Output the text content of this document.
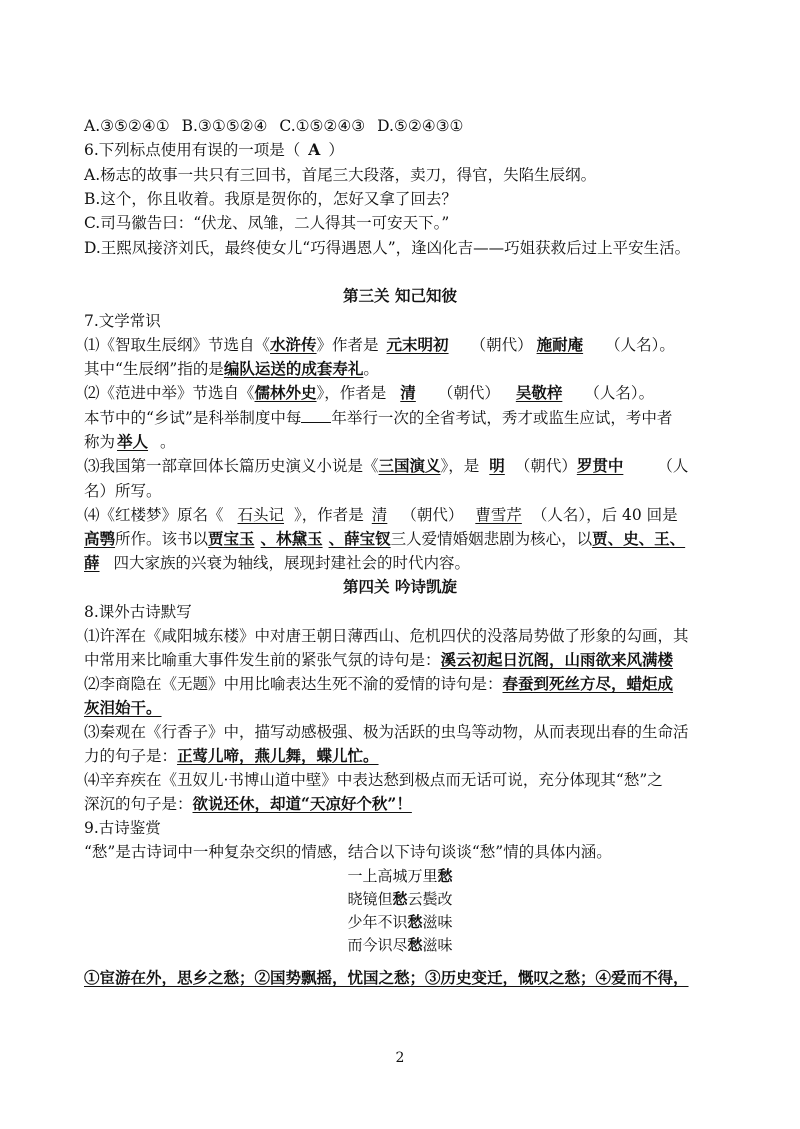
A.③⑤②④① B.③①⑤②④ C.①⑤②④③ D.⑤②④③①
6.下列标点使用有误的一项是（ A ）
A.杨志的故事一共只有三回书，首尾三大段落，卖刀，得官，失陷生辰纲。
B.这个，你且收着。我原是贺你的，怎好又拿了回去？
C.司马徽告曰：“伏龙、凤雏，二人得其一可安天下。”
D.王熙凤接济刘氏，最终使女儿“巧得遇恩人”，逢凶化吉——巧姐获救后过上平安生活。
第三关 知己知彼
7.文学常识
⑴《智取生辰纲》节选自《水浒传》作者是 元末明初 （朝代） 施耐庵 （人名）。
其中“生辰纲”指的是编队运送的成套寿礼。
⑵《范进中举》节选自《儒林外史》，作者是 清 （朝代） 吴敬梓 （人名）。
本节中的“乡试”是科举制度中每 年举行一次的全省考试，秀才或监生应试，考中者
称为 举人 。
⑶我国第一部章回体长篇历史演义小说是《三国演义》，是 明 （朝代）罗贯中 （人
名）所写。
⑷《红楼梦》原名《 石头记 》，作者是 清 （朝代） 曹雪芹 （人名），后 40 回是
高鹗所作。该书以贾宝玉 、林黛玉 、薛宝钗三人爱情婚姻悲剧为核心，以贾、史、王、
薛 四大家族的兴衰为轴线，展现封建社会的时代内容。
第四关 吟诗凯旋
8.课外古诗默写
⑴许浑在《咸阳城东楼》中对唐王朝日薄西山、危机四伏的没落局势做了形象的勾画，其
中常用来比喻重大事件发生前的紧张气氛的诗句是：溪云初起日沉阁，山雨欲来风满楼
⑵李商隐在《无题》中用比喻表达生死不渝的爱情的诗句是：春蚕到死丝方尽，蜡炬成
灰泪始干。
⑶秦观在《行香子》中，描写动感极强、极为活跃的虫鸟等动物，从而表现出春的生命活
力的句子是：正莺儿啼，燕儿舞，蝶儿忙。
⑷辛弃疾在《丑奴儿·书博山道中壁》中表达愁到极点而无话可说，充分体现其“愁”之
深沉的句子是：欲说还休，却道“天凉好个秋”！
9.古诗鉴赏
“愁”是古诗词中一种复杂交织的情感，结合以下诗句谈谈“愁”情的具体内涵。
一上高城万里愁
晓镜但愁云鬓改
少年不识愁滋味
而今识尽愁滋味
①宦游在外，思乡之愁；②国势飘摇，忧国之愁；③历史变迁，慨叹之愁；④爱而不得，
2
